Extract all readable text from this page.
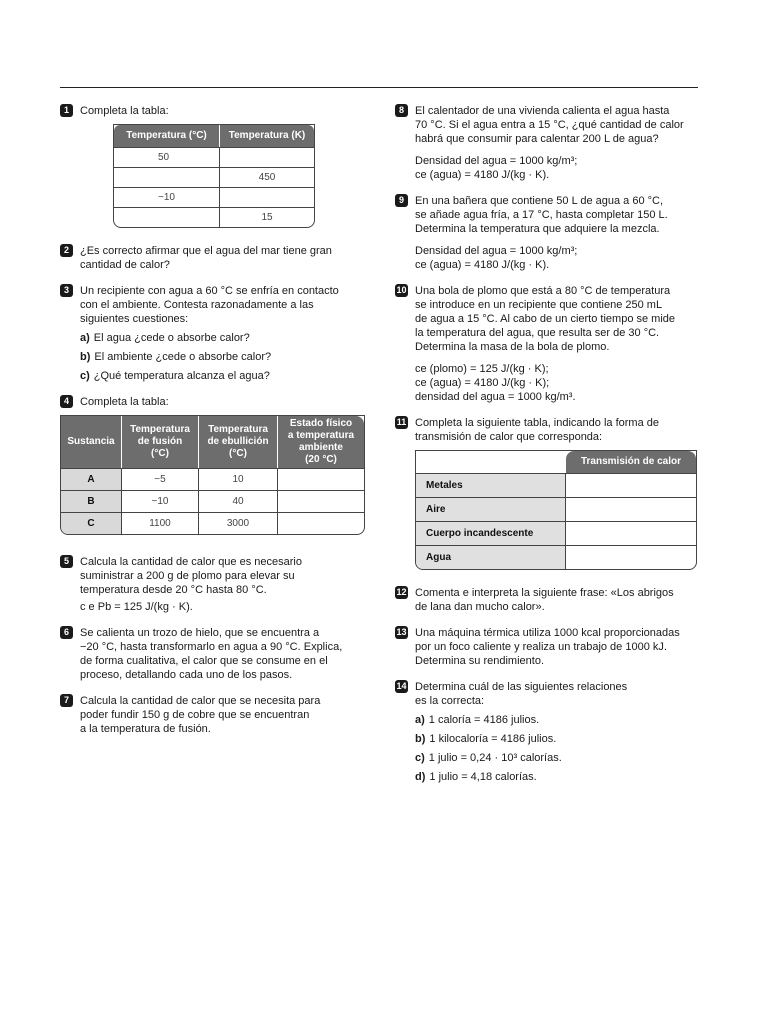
1	Completa la tabla:
Temperatura (°C)	Temperatura (K)
50	
	450
−10	
	15
2	¿Es correcto afirmar que el agua del mar tiene gran
cantidad de calor?
3	Un recipiente con agua a 60 °C se enfría en contacto
con el ambiente. Contesta razonadamente a las
siguientes cuestiones:
a) El agua ¿cede o absorbe calor?
b) El ambiente ¿cede o absorbe calor?
c) ¿Qué temperatura alcanza el agua?
4	Completa la tabla:
Sustancia	Temperatura
de fusión
(°C)	Temperatura
de ebullición
(°C)	Estado físico
a temperatura
ambiente
(20 °C)
A	−5	10	
B	−10	40	
C	1100	3000	
5	Calcula la cantidad de calor que es necesario
suministrar a 200 g de plomo para elevar su
temperatura desde 20 °C hasta 80 °C.
c e Pb = 125 J/(kg · K).
6	Se calienta un trozo de hielo, que se encuentra a
−20 °C, hasta transformarlo en agua a 90 °C. Explica,
de forma cualitativa, el calor que se consume en el
proceso, detallando cada uno de los pasos.
7	Calcula la cantidad de calor que se necesita para
poder fundir 150 g de cobre que se encuentran
a la temperatura de fusión.
8	El calentador de una vivienda calienta el agua hasta
70 °C. Si el agua entra a 15 °C, ¿qué cantidad de calor
habrá que consumir para calentar 200 L de agua?
Densidad del agua = 1000 kg/m³;
ce (agua) = 4180 J/(kg · K).
9	En una bañera que contiene 50 L de agua a 60 °C,
se añade agua fría, a 17 °C, hasta completar 150 L.
Determina la temperatura que adquiere la mezcla.
Densidad del agua = 1000 kg/m³;
ce (agua) = 4180 J/(kg · K).
10 Una bola de plomo que está a 80 °C de temperatura
se introduce en un recipiente que contiene 250 mL
de agua a 15 °C. Al cabo de un cierto tiempo se mide
la temperatura del agua, que resulta ser de 30 °C.
Determina la masa de la bola de plomo.
ce (plomo) = 125 J/(kg · K);
ce (agua) = 4180 J/(kg · K);
densidad del agua = 1000 kg/m³.
11 Completa la siguiente tabla, indicando la forma de
transmisión de calor que corresponda:
	Transmisión de calor
Metales	
Aire	
Cuerpo incandescente	
Agua	
12 Comenta e interpreta la siguiente frase: «Los abrigos
de lana dan mucho calor».
13 Una máquina térmica utiliza 1000 kcal proporcionadas
por un foco caliente y realiza un trabajo de 1000 kJ.
Determina su rendimiento.
14 Determina cuál de las siguientes relaciones
es la correcta:
a) 1 caloría = 4186 julios.
b) 1 kilocaloría = 4186 julios.
c) 1 julio = 0,24 · 10³ calorías.
d) 1 julio = 4,18 calorías.
